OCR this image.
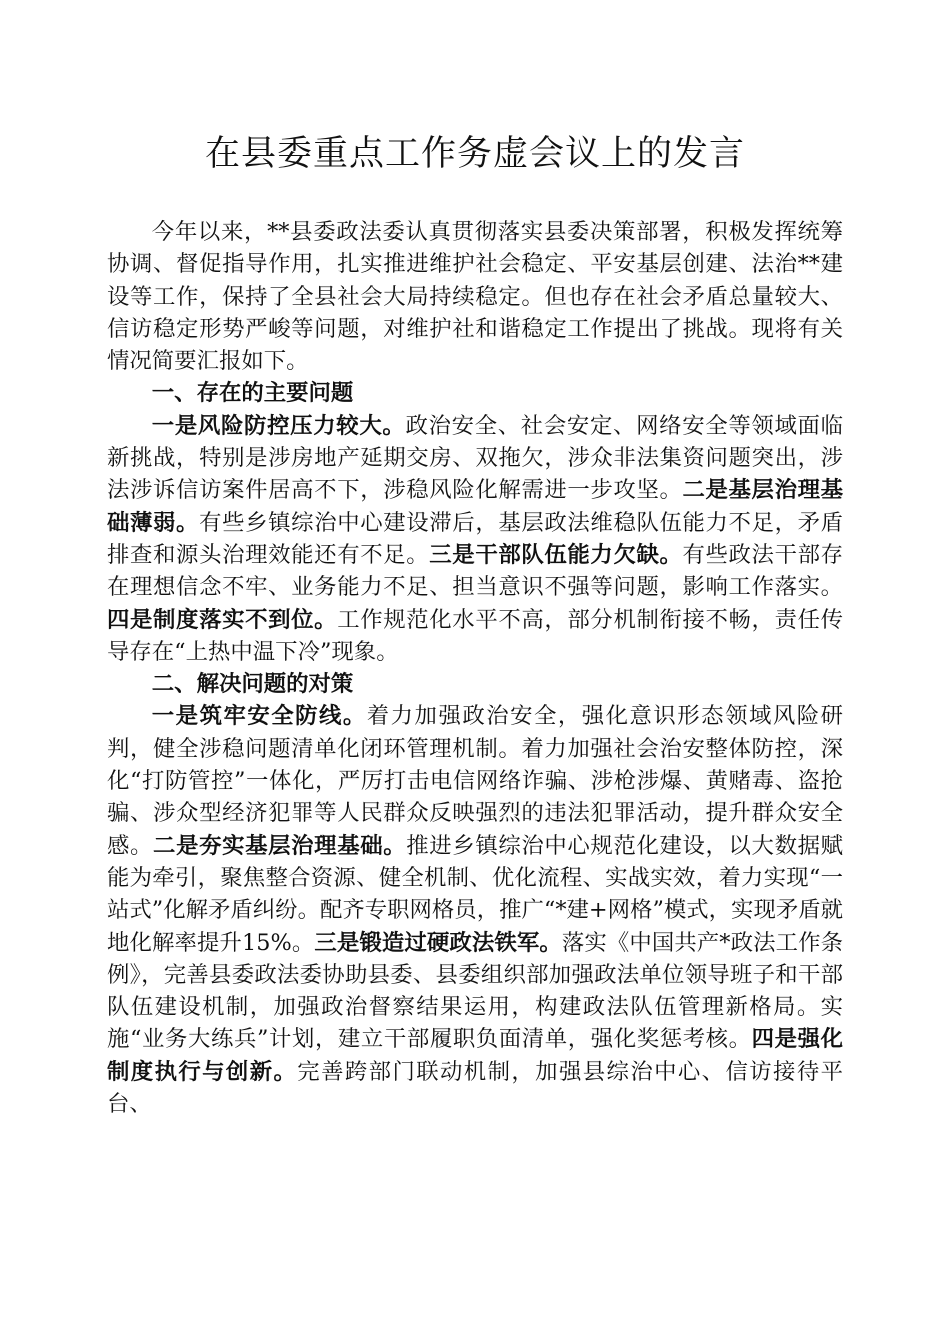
在县委重点工作务虚会议上的发言

今年以来，**县委政法委认真贯彻落实县委决策部署，积极发挥统筹协调、督促指导作用，扎实推进维护社会稳定、平安基层创建、法治**建设等工作，保持了全县社会大局持续稳定。但也存在社会矛盾总量较大、信访稳定形势严峻等问题，对维护社和谐稳定工作提出了挑战。现将有关情况简要汇报如下。

一、存在的主要问题

一是风险防控压力较大。政治安全、社会安定、网络安全等领域面临新挑战，特别是涉房地产延期交房、双拖欠，涉众非法集资问题突出，涉法涉诉信访案件居高不下，涉稳风险化解需进一步攻坚。二是基层治理基础薄弱。有些乡镇综治中心建设滞后，基层政法维稳队伍能力不足，矛盾排查和源头治理效能还有不足。三是干部队伍能力欠缺。有些政法干部存在理想信念不牢、业务能力不足、担当意识不强等问题，影响工作落实。四是制度落实不到位。工作规范化水平不高，部分机制衔接不畅，责任传导存在“上热中温下冷”现象。

二、解决问题的对策

一是筑牢安全防线。着力加强政治安全，强化意识形态领域风险研判，健全涉稳问题清单化闭环管理机制。着力加强社会治安整体防控，深化“打防管控”一体化，严厉打击电信网络诈骗、涉枪涉爆、黄赌毒、盗抢骗、涉众型经济犯罪等人民群众反映强烈的违法犯罪活动，提升群众安全感。二是夯实基层治理基础。推进乡镇综治中心规范化建设，以大数据赋能为牵引，聚焦整合资源、健全机制、优化流程、实战实效，着力实现“一站式”化解矛盾纠纷。配齐专职网格员，推广“*建+网格”模式，实现矛盾就地化解率提升15%。三是锻造过硬政法铁军。落实《中国共产*政法工作条例》，完善县委政法委协助县委、县委组织部加强政法单位领导班子和干部队伍建设机制，加强政治督察结果运用，构建政法队伍管理新格局。实施“业务大练兵”计划，建立干部履职负面清单，强化奖惩考核。四是强化制度执行与创新。完善跨部门联动机制，加强县综治中心、信访接待平台、
